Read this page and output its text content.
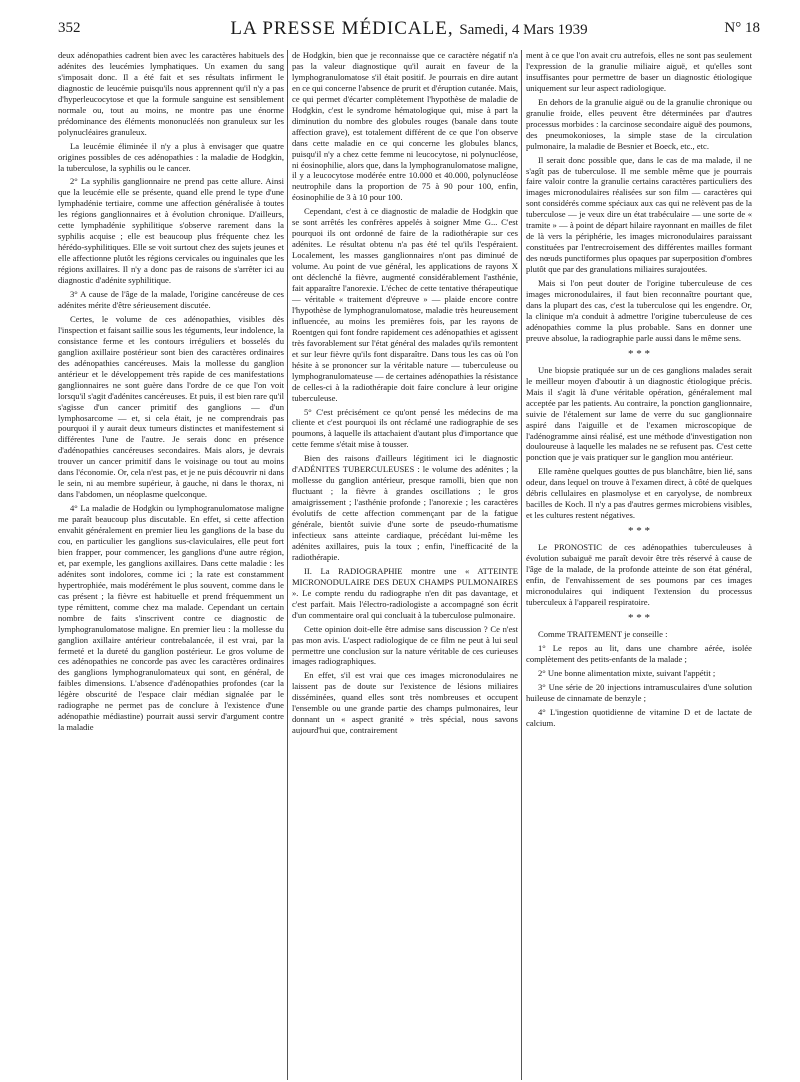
352	LA PRESSE MÉDICALE, Samedi, 4 Mars 1939	N° 18

deux adénopathies cadrent bien avec les caractères habituels des adénites des leucémies lymphatiques. Un examen du sang s'imposait donc. Il a été fait et ses résultats infirment le diagnostic de leucémie puisqu'ils nous apprennent qu'il n'y a pas d'hyperleucocytose et que la formule sanguine est sensiblement normale ou, tout au moins, ne montre pas une énorme prédominance des éléments mononucléés non granuleux sur les polynucléaires granuleux.

La leucémie éliminée il n'y a plus à envisager que quatre origines possibles de ces adénopathies : la maladie de Hodgkin, la tuberculose, la syphilis ou le cancer.

2° La syphilis ganglionnaire ne prend pas cette allure. Ainsi que la leucémie elle se présente, quand elle prend le type d'une lymphadénie tertiaire, comme une affection généralisée à toutes les régions ganglionnaires et à évolution chronique. D'ailleurs, cette lymphadénie syphilitique s'observe rarement dans la syphilis acquise ; elle est beaucoup plus fréquente chez les hérédo-syphilitiques. Elle se voit surtout chez des sujets jeunes et elle affectionne plutôt les régions cervicales ou inguinales que les régions axillaires. Il n'y a donc pas de raisons de s'arrêter ici au diagnostic d'adénite syphilitique.

3° A cause de l'âge de la malade, l'origine cancéreuse de ces adénites mérite d'être sérieusement discutée.

Certes, le volume de ces adénopathies, visibles dès l'inspection et faisant saillie sous les téguments, leur indolence, la consistance ferme et les contours irréguliers et bosselés du ganglion axillaire postérieur sont bien des caractères ordinaires des adénopathies cancéreuses. Mais la mollesse du ganglion antérieur et le développement très rapide de ces manifestations ganglionnaires ne sont guère dans l'ordre de ce que l'on voit lorsqu'il s'agit d'adénites cancéreuses. Et puis, il est bien rare qu'il s'agisse d'un cancer primitif des ganglions — d'un lymphosarcome — et, si cela était, je ne comprendrais pas pourquoi il y aurait deux tumeurs distinctes et manifestement si différentes l'une de l'autre. Je serais donc en présence d'adénopathies cancéreuses secondaires. Mais alors, je devrais trouver un cancer primitif dans le voisinage ou tout au moins dans l'économie. Or, cela n'est pas, et je ne puis découvrir ni dans le sein, ni au membre supérieur, à gauche, ni dans le thorax, ni dans l'abdomen, un néoplasme quelconque.

4° La maladie de Hodgkin ou lymphogranulomatose maligne me paraît beaucoup plus discutable. En effet, si cette affection envahit généralement en premier lieu les ganglions de la base du cou, en particulier les ganglions sus-claviculaires, elle peut fort bien frapper, pour commencer, les ganglions d'une autre région, et, par exemple, les ganglions axillaires. Dans cette maladie : les adénites sont indolores, comme ici ; la rate est constamment hypertrophiée, mais modérément le plus souvent, comme dans le cas présent ; la fièvre est habituelle et prend fréquemment un type rémittent, comme chez ma malade. Cependant un certain nombre de faits s'inscrivent contre ce diagnostic de lymphogranulomatose maligne. En premier lieu : la mollesse du ganglion axillaire antérieur contrebalancée, il est vrai, par la fermeté et la dureté du ganglion postérieur. Le gros volume de ces adénopathies ne concorde pas avec les caractères ordinaires des ganglions lymphogranulomateux qui sont, en général, de faibles dimensions. L'absence d'adénopathies profondes (car la légère obscurité de l'espace clair médian signalée par le radiographe ne permet pas de conclure à l'existence d'une adénopathie médiastine) pourrait aussi servir d'argument contre la maladie

de Hodgkin, bien que je reconnaisse que ce caractère négatif n'a pas la valeur diagnostique qu'il aurait en faveur de la lymphogranulomatose s'il était positif. Je pourrais en dire autant en ce qui concerne l'absence de prurit et d'éruption cutanée. Mais, ce qui permet d'écarter complètement l'hypothèse de maladie de Hodgkin, c'est le syndrome hématologique qui, mise à part la diminution du nombre des globules rouges (banale dans toute affection grave), est totalement différent de ce que l'on observe dans cette maladie en ce qui concerne les globules blancs, puisqu'il n'y a chez cette femme ni leucocytose, ni polynucléose, ni éosinophilie, alors que, dans la lymphogranulomatose maligne, il y a leucocytose modérée entre 10.000 et 40.000, polynucléose neutrophile dans la proportion de 75 à 90 pour 100, enfin, éosinophilie de 3 à 10 pour 100.

Cependant, c'est à ce diagnostic de maladie de Hodgkin que se sont arrêtés les confrères appelés à soigner Mme G... C'est pourquoi ils ont ordonné de faire de la radiothérapie sur ces adénites. Le résultat obtenu n'a pas été tel qu'ils l'espéraient. Localement, les masses ganglionnaires n'ont pas diminué de volume. Au point de vue général, les applications de rayons X ont déclenché la fièvre, augmenté considérablement l'asthénie, fait apparaître l'anorexie. L'échec de cette tentative thérapeutique — véritable « traitement d'épreuve » — plaide encore contre l'hypothèse de lymphogranulomatose, maladie très heureusement influencée, au moins les premières fois, par les rayons de Roentgen qui font fondre rapidement ces adénopathies et agissent très favorablement sur l'état général des malades qu'ils remontent et sur leur fièvre qu'ils font disparaître. Dans tous les cas où l'on hésite à se prononcer sur la véritable nature — tuberculeuse ou lymphogranulomateuse — de certaines adénopathies la résistance de celles-ci à la radiothérapie doit faire conclure à leur origine tuberculeuse.

5° C'est précisément ce qu'ont pensé les médecins de ma cliente et c'est pourquoi ils ont réclamé une radiographie de ses poumons, à laquelle ils attachaient d'autant plus d'importance que cette femme s'était mise à tousser.

Bien des raisons d'ailleurs légitiment ici le diagnostic d'ADÉNITES TUBERCULEUSES : le volume des adénites ; la mollesse du ganglion antérieur, presque ramolli, bien que non fluctuant ; la fièvre à grandes oscillations ; le gros amaigrissement ; l'asthénie profonde ; l'anorexie ; les caractères évolutifs de cette affection commençant par de la fatigue générale, bientôt suivie d'une sorte de pseudo-rhumatisme infectieux sans atteinte cardiaque, précédant lui-même les adénites axillaires, puis la toux ; enfin, l'inefficacité de la radiothérapie.

II. La RADIOGRAPHIE montre une « ATTEINTE MICRONODULAIRE DES DEUX CHAMPS PULMONAIRES ». Le compte rendu du radiographe n'en dit pas davantage, et c'est parfait. Mais l'électro-radiologiste a accompagné son écrit d'un commentaire oral qui concluait à la tuberculose pulmonaire.

Cette opinion doit-elle être admise sans discussion ? Ce n'est pas mon avis. L'aspect radiologique de ce film ne peut à lui seul permettre une conclusion sur la nature véritable de ces curieuses images radiographiques.

En effet, s'il est vrai que ces images micronodulaires ne laissent pas de doute sur l'existence de lésions miliaires disséminées, quand elles sont très nombreuses et occupent l'ensemble ou une grande partie des champs pulmonaires, leur donnant un « aspect granité » très spécial, nous savons aujourd'hui que, contrairement

ment à ce que l'on avait cru autrefois, elles ne sont pas seulement l'expression de la granulie miliaire aiguë, et qu'elles sont insuffisantes pour permettre de baser un diagnostic étiologique uniquement sur leur aspect radiologique.

En dehors de la granulie aiguë ou de la granulie chronique ou granulie froide, elles peuvent être déterminées par d'autres processus morbides : la carcinose secondaire aiguë des poumons, des pneumokonioses, la simple stase de la circulation pulmonaire, la maladie de Besnier et Boeck, etc., etc.

Il serait donc possible que, dans le cas de ma malade, il ne s'agît pas de tuberculose. Il me semble même que je pourrais faire valoir contre la granulie certains caractères particuliers des images micronodulaires réalisées sur son film — caractères qui sont considérés comme spéciaux aux cas qui ne relèvent pas de la tuberculose — je veux dire un état trabéculaire — une sorte de « tramite » — à point de départ hilaire rayonnant en mailles de filet de là vers la périphérie, les images micronodulaires paraissant constituées par l'entrecroisement des différentes mailles formant des nœuds punctiformes plus opaques par superposition d'ombres plutôt que par des granulations miliaires surajoutées.

Mais si l'on peut douter de l'origine tuberculeuse de ces images micronodulaires, il faut bien reconnaître pourtant que, dans la plupart des cas, c'est la tuberculose qui les engendre. Or, la clinique m'a conduit à admettre l'origine tuberculeuse de ces adénopathies comme la plus probable. Sans en donner une preuve absolue, la radiographie parle aussi dans le même sens.

* * *

Une biopsie pratiquée sur un de ces ganglions malades serait le meilleur moyen d'aboutir à un diagnostic étiologique précis. Mais il s'agit là d'une véritable opération, généralement mal acceptée par les patients. Au contraire, la ponction ganglionnaire, suivie de l'étalement sur lame de verre du suc ganglionnaire aspiré dans l'aiguille et de l'examen microscopique de l'adénogramme ainsi réalisé, est une méthode d'investigation non douloureuse à laquelle les malades ne se refusent pas. C'est cette ponction que je vais pratiquer sur le ganglion mou antérieur.

Elle ramène quelques gouttes de pus blanchâtre, bien lié, sans odeur, dans lequel on trouve à l'examen direct, à côté de quelques débris cellulaires en plasmolyse et en caryolyse, de nombreux bacilles de Koch. Il n'y a pas d'autres germes microbiens visibles, et les cultures restent négatives.

* * *

Le PRONOSTIC de ces adénopathies tuberculeuses à évolution subaiguë me paraît devoir être très réservé à cause de l'âge de la malade, de la profonde atteinte de son état général, enfin, de l'envahissement de ses poumons par ces images micronodulaires qui indiquent l'extension du processus tuberculeux à l'appareil respiratoire.

* * *

Comme TRAITEMENT je conseille :

1° Le repos au lit, dans une chambre aérée, isolée complètement des petits-enfants de la malade ;

2° Une bonne alimentation mixte, suivant l'appétit ;

3° Une série de 20 injections intramusculaires d'une solution huileuse de cinnamate de benzyle ;

4° L'ingestion quotidienne de vitamine D et de lactate de calcium.
